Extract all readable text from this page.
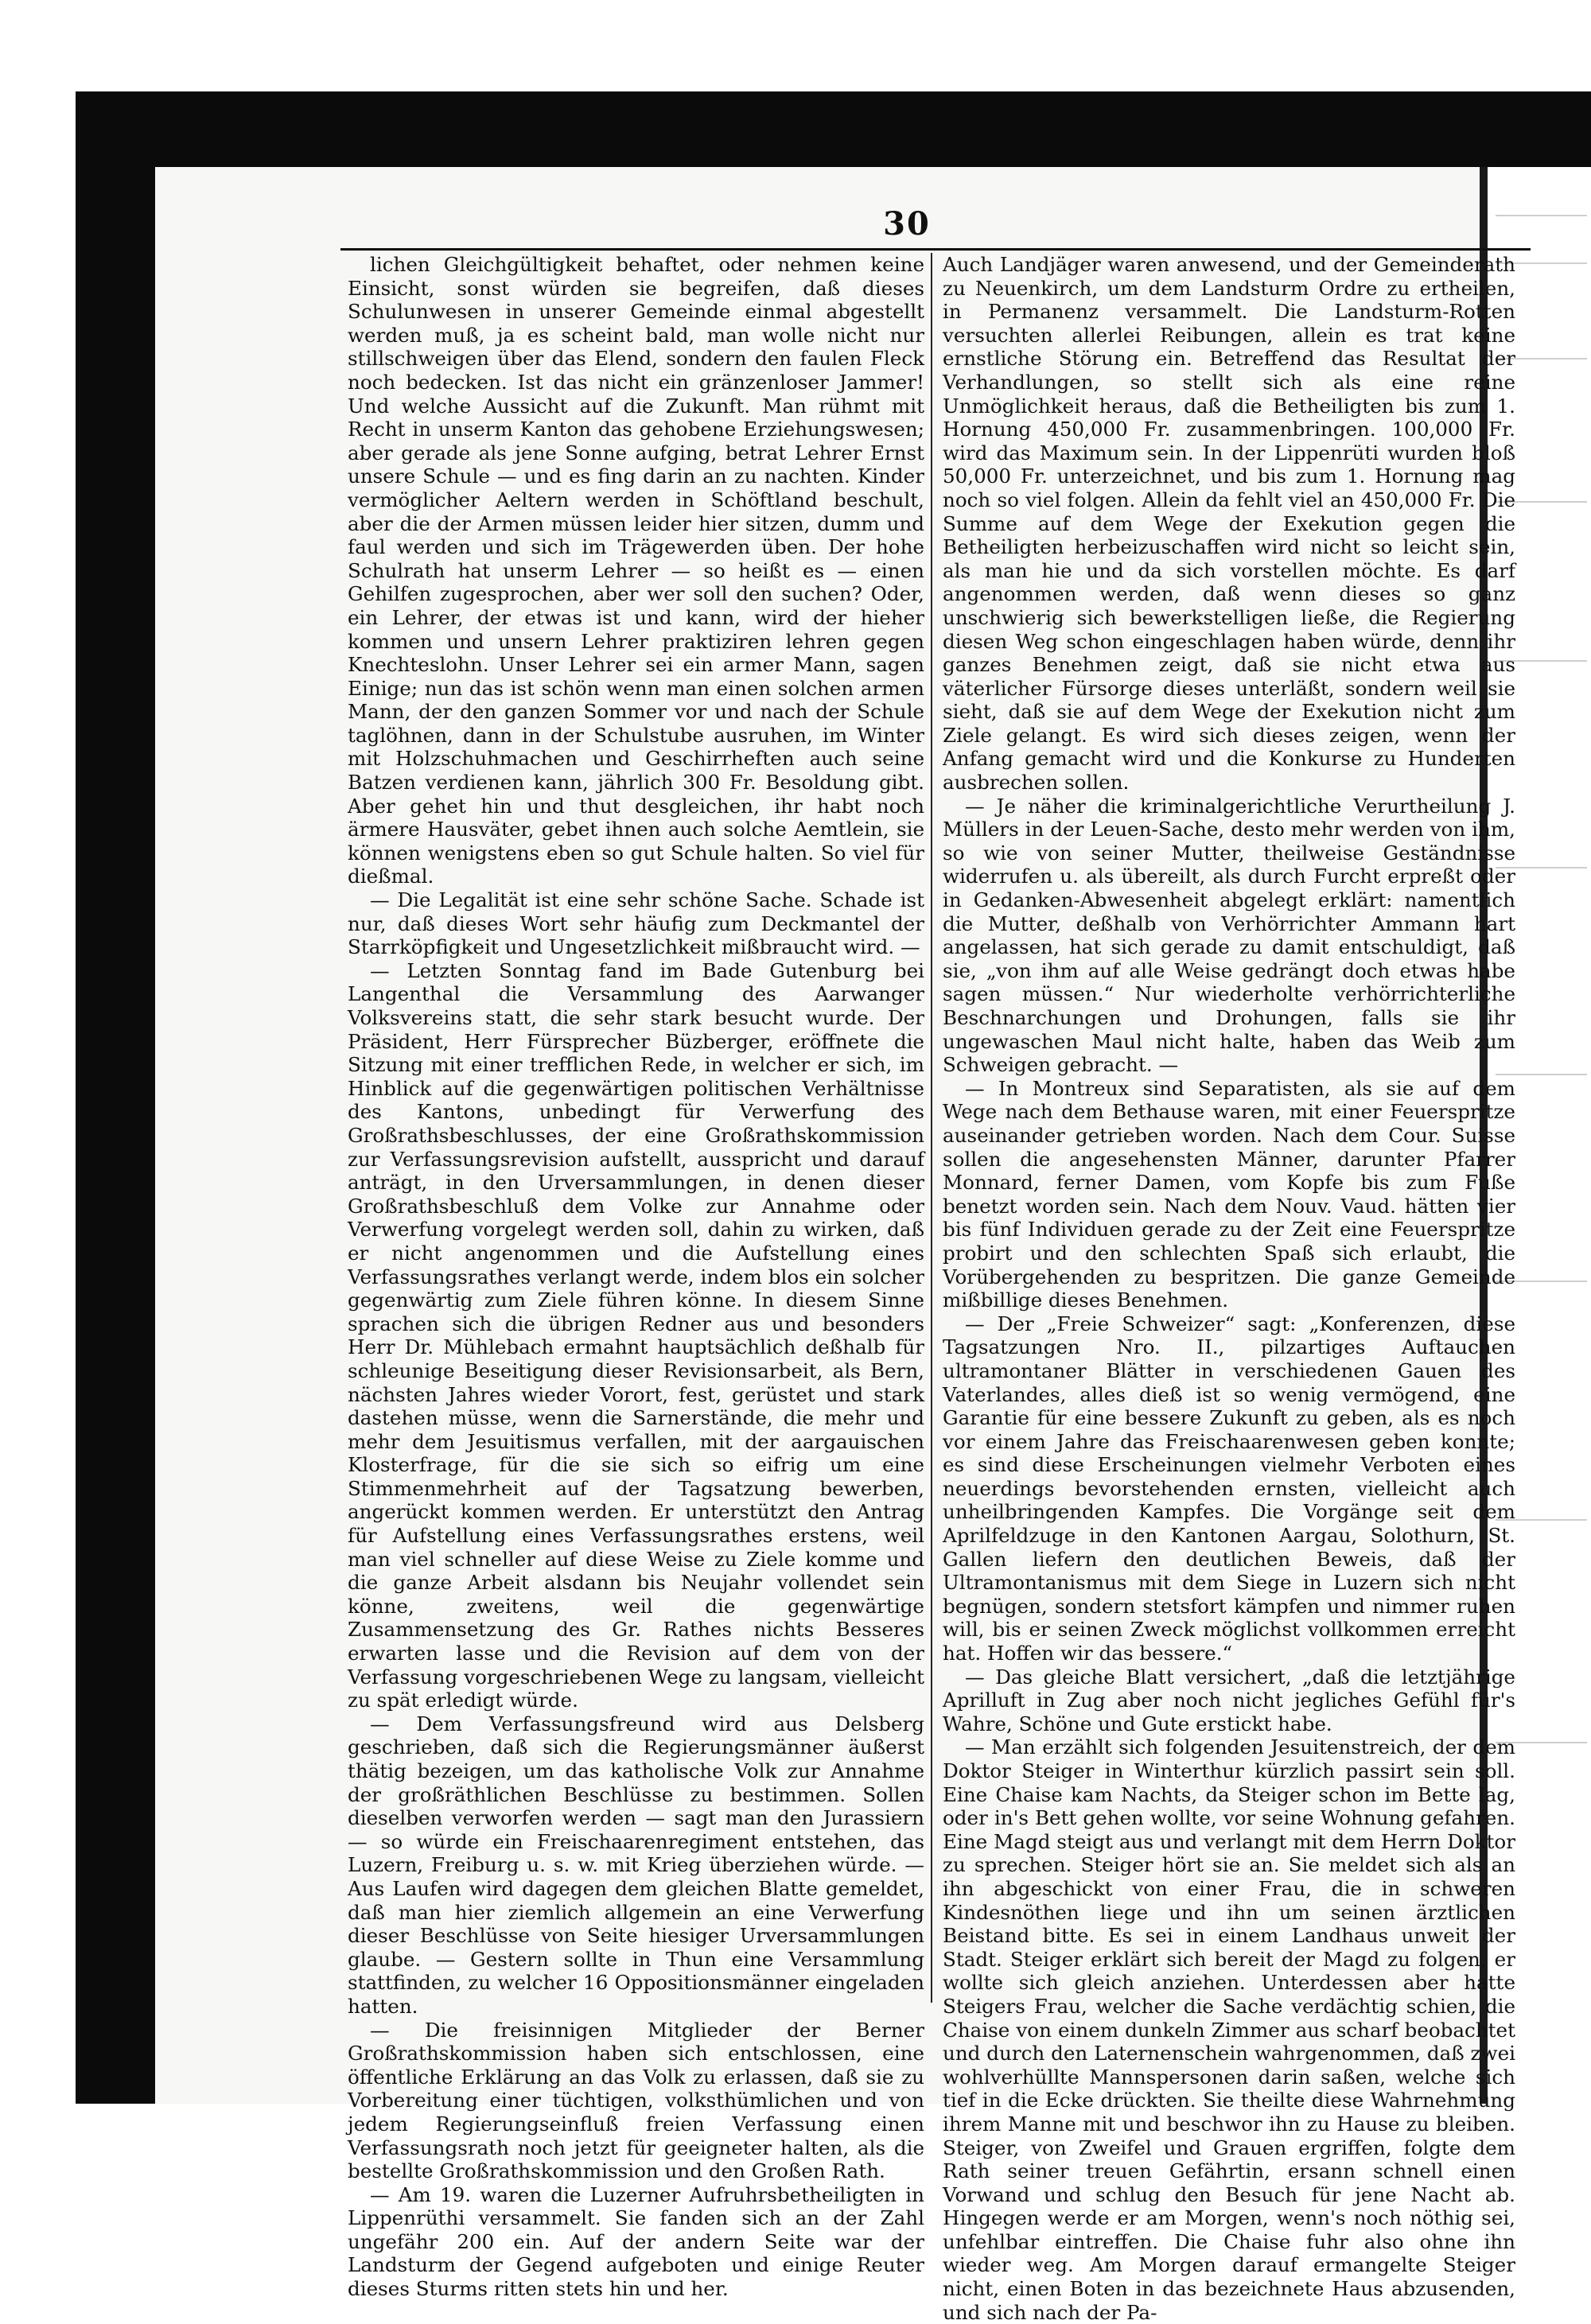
30

lichen Gleichgültigkeit behaftet, oder nehmen keine Einsicht, sonst würden sie begreifen, daß dieses Schulunwesen in unserer Gemeinde einmal abgestellt werden muß, ja es scheint bald, man wolle nicht nur stillschweigen über das Elend, sondern den faulen Fleck noch bedecken. Ist das nicht ein gränzenloser Jammer! Und welche Aussicht auf die Zukunft. Man rühmt mit Recht in unserm Kanton das gehobene Erziehungswesen; aber gerade als jene Sonne aufging, betrat Lehrer Ernst unsere Schule — und es fing darin an zu nachten. Kinder vermöglicher Aeltern werden in Schöftland beschult, aber die der Armen müssen leider hier sitzen, dumm und faul werden und sich im Trägewerden üben. Der hohe Schulrath hat unserm Lehrer — so heißt es — einen Gehilfen zugesprochen, aber wer soll den suchen? Oder, ein Lehrer, der etwas ist und kann, wird der hieher kommen und unsern Lehrer praktiziren lehren gegen Knechteslohn. Unser Lehrer sei ein armer Mann, sagen Einige; nun das ist schön wenn man einen solchen armen Mann, der den ganzen Sommer vor und nach der Schule taglöhnen, dann in der Schulstube ausruhen, im Winter mit Holzschuhmachen und Geschirrheften auch seine Batzen verdienen kann, jährlich 300 Fr. Besoldung gibt. Aber gehet hin und thut desgleichen, ihr habt noch ärmere Hausväter, gebet ihnen auch solche Aemtlein, sie können wenigstens eben so gut Schule halten. So viel für dießmal.

— Die Legalität ist eine sehr schöne Sache. Schade ist nur, daß dieses Wort sehr häufig zum Deckmantel der Starrköpfigkeit und Ungesetzlichkeit mißbraucht wird. —

— Letzten Sonntag fand im Bade Gutenburg bei Langenthal die Versammlung des Aarwanger Volksvereins statt, die sehr stark besucht wurde. Der Präsident, Herr Fürsprecher Büzberger, eröffnete die Sitzung mit einer trefflichen Rede, in welcher er sich, im Hinblick auf die gegenwärtigen politischen Verhältnisse des Kantons, unbedingt für Verwerfung des Großrathsbeschlusses, der eine Großrathskommission zur Verfassungsrevision aufstellt, ausspricht und darauf anträgt, in den Urversammlungen, in denen dieser Großrathsbeschluß dem Volke zur Annahme oder Verwerfung vorgelegt werden soll, dahin zu wirken, daß er nicht angenommen und die Aufstellung eines Verfassungsrathes verlangt werde, indem blos ein solcher gegenwärtig zum Ziele führen könne. In diesem Sinne sprachen sich die übrigen Redner aus und besonders Herr Dr. Mühlebach ermahnt hauptsächlich deßhalb für schleunige Beseitigung dieser Revisionsarbeit, als Bern, nächsten Jahres wieder Vorort, fest, gerüstet und stark dastehen müsse, wenn die Sarnerstände, die mehr und mehr dem Jesuitismus verfallen, mit der aargauischen Klosterfrage, für die sie sich so eifrig um eine Stimmenmehrheit auf der Tagsatzung bewerben, angerückt kommen werden. Er unterstützt den Antrag für Aufstellung eines Verfassungsrathes erstens, weil man viel schneller auf diese Weise zu Ziele komme und die ganze Arbeit alsdann bis Neujahr vollendet sein könne, zweitens, weil die gegenwärtige Zusammensetzung des Gr. Rathes nichts Besseres erwarten lasse und die Revision auf dem von der Verfassung vorgeschriebenen Wege zu langsam, vielleicht zu spät erledigt würde.

— Dem Verfassungsfreund wird aus Delsberg geschrieben, daß sich die Regierungsmänner äußerst thätig bezeigen, um das katholische Volk zur Annahme der großräthlichen Beschlüsse zu bestimmen. Sollen dieselben verworfen werden — sagt man den Jurassiern — so würde ein Freischaarenregiment entstehen, das Luzern, Freiburg u. s. w. mit Krieg überziehen würde. — Aus Laufen wird dagegen dem gleichen Blatte gemeldet, daß man hier ziemlich allgemein an eine Verwerfung dieser Beschlüsse von Seite hiesiger Urversammlungen glaube. — Gestern sollte in Thun eine Versammlung stattfinden, zu welcher 16 Oppositionsmänner eingeladen hatten.

— Die freisinnigen Mitglieder der Berner Großrathskommission haben sich entschlossen, eine öffentliche Erklärung an das Volk zu erlassen, daß sie zu Vorbereitung einer tüchtigen, volksthümlichen und von jedem Regierungseinfluß freien Verfassung einen Verfassungsrath noch jetzt für geeigneter halten, als die bestellte Großrathskommission und den Großen Rath.

— Am 19. waren die Luzerner Aufruhrsbetheiligten in Lippenrüthi versammelt. Sie fanden sich an der Zahl ungefähr 200 ein. Auf der andern Seite war der Landsturm der Gegend aufgeboten und einige Reuter dieses Sturms ritten stets hin und her.

Auch Landjäger waren anwesend, und der Gemeinderath zu Neuenkirch, um dem Landsturm Ordre zu ertheilen, in Permanenz versammelt. Die Landsturm-Rotten versuchten allerlei Reibungen, allein es trat keine ernstliche Störung ein. Betreffend das Resultat der Verhandlungen, so stellt sich als eine reine Unmöglichkeit heraus, daß die Betheiligten bis zum 1. Hornung 450,000 Fr. zusammenbringen. 100,000 Fr. wird das Maximum sein. In der Lippenrüti wurden bloß 50,000 Fr. unterzeichnet, und bis zum 1. Hornung mag noch so viel folgen. Allein da fehlt viel an 450,000 Fr. Die Summe auf dem Wege der Exekution gegen die Betheiligten herbeizuschaffen wird nicht so leicht sein, als man hie und da sich vorstellen möchte. Es darf angenommen werden, daß wenn dieses so ganz unschwierig sich bewerkstelligen ließe, die Regierung diesen Weg schon eingeschlagen haben würde, denn ihr ganzes Benehmen zeigt, daß sie nicht etwa aus väterlicher Fürsorge dieses unterläßt, sondern weil sie sieht, daß sie auf dem Wege der Exekution nicht zum Ziele gelangt. Es wird sich dieses zeigen, wenn der Anfang gemacht wird und die Konkurse zu Hunderten ausbrechen sollen.

— Je näher die kriminalgerichtliche Verurtheilung J. Müllers in der Leuen-Sache, desto mehr werden von ihm, so wie von seiner Mutter, theilweise Geständnisse widerrufen u. als übereilt, als durch Furcht erpreßt oder in Gedanken-Abwesenheit abgelegt erklärt: namentlich die Mutter, deßhalb von Verhörrichter Ammann hart angelassen, hat sich gerade zu damit entschuldigt, daß sie, „von ihm auf alle Weise gedrängt doch etwas habe sagen müssen.“ Nur wiederholte verhörrichterliche Beschnarchungen und Drohungen, falls sie ihr ungewaschen Maul nicht halte, haben das Weib zum Schweigen gebracht. —

— In Montreux sind Separatisten, als sie auf dem Wege nach dem Bethause waren, mit einer Feuerspritze auseinander getrieben worden. Nach dem Cour. Suisse sollen die angesehensten Männer, darunter Pfarrer Monnard, ferner Damen, vom Kopfe bis zum Fuße benetzt worden sein. Nach dem Nouv. Vaud. hätten vier bis fünf Individuen gerade zu der Zeit eine Feuerspritze probirt und den schlechten Spaß sich erlaubt, die Vorübergehenden zu bespritzen. Die ganze Gemeinde mißbillige dieses Benehmen.

— Der „Freie Schweizer“ sagt: „Konferenzen, diese Tagsatzungen Nro. II., pilzartiges Auftauchen ultramontaner Blätter in verschiedenen Gauen des Vaterlandes, alles dieß ist so wenig vermögend, eine Garantie für eine bessere Zukunft zu geben, als es noch vor einem Jahre das Freischaarenwesen geben konnte; es sind diese Erscheinungen vielmehr Verboten eines neuerdings bevorstehenden ernsten, vielleicht auch unheilbringenden Kampfes. Die Vorgänge seit dem Aprilfeldzuge in den Kantonen Aargau, Solothurn, St. Gallen liefern den deutlichen Beweis, daß der Ultramontanismus mit dem Siege in Luzern sich nicht begnügen, sondern stetsfort kämpfen und nimmer ruhen will, bis er seinen Zweck möglichst vollkommen erreicht hat. Hoffen wir das bessere.“

— Das gleiche Blatt versichert, „daß die letztjährige Aprilluft in Zug aber noch nicht jegliches Gefühl für's Wahre, Schöne und Gute erstickt habe.

— Man erzählt sich folgenden Jesuitenstreich, der dem Doktor Steiger in Winterthur kürzlich passirt sein soll. Eine Chaise kam Nachts, da Steiger schon im Bette lag, oder in's Bett gehen wollte, vor seine Wohnung gefahren. Eine Magd steigt aus und verlangt mit dem Herrn Doktor zu sprechen. Steiger hört sie an. Sie meldet sich als an ihn abgeschickt von einer Frau, die in schweren Kindesnöthen liege und ihn um seinen ärztlichen Beistand bitte. Es sei in einem Landhaus unweit der Stadt. Steiger erklärt sich bereit der Magd zu folgen, er wollte sich gleich anziehen. Unterdessen aber hatte Steigers Frau, welcher die Sache verdächtig schien, die Chaise von einem dunkeln Zimmer aus scharf beobachtet und durch den Laternenschein wahrgenommen, daß zwei wohlverhüllte Mannspersonen darin saßen, welche sich tief in die Ecke drückten. Sie theilte diese Wahrnehmung ihrem Manne mit und beschwor ihn zu Hause zu bleiben. Steiger, von Zweifel und Grauen ergriffen, folgte dem Rath seiner treuen Gefährtin, ersann schnell einen Vorwand und schlug den Besuch für jene Nacht ab. Hingegen werde er am Morgen, wenn's noch nöthig sei, unfehlbar eintreffen. Die Chaise fuhr also ohne ihn wieder weg. Am Morgen darauf ermangelte Steiger nicht, einen Boten in das bezeichnete Haus abzusenden, und sich nach der Pa-
